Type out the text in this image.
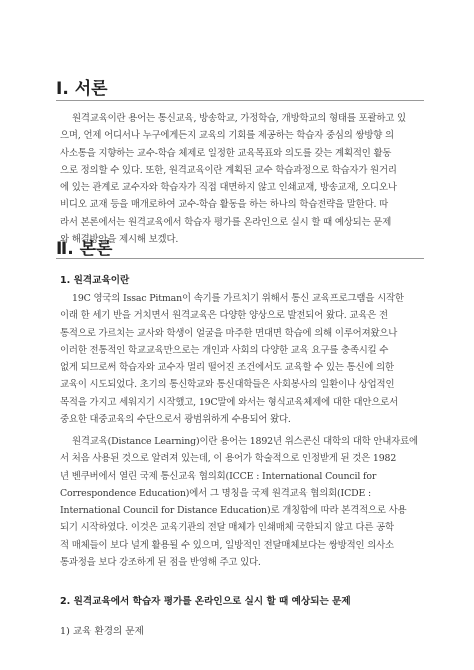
Ⅰ. 서론
원격교육이란 용어는 통신교육, 방송학교, 가정학습, 개방학교의 형태를 포괄하고 있
으며, 언제 어디서나 누구에게든지 교육의 기회를 제공하는 학습자 중심의 쌍방향 의
사소통을 지향하는 교수-학습 체제로 일정한 교육목표와 의도를 갖는 계획적인 활동
으로 정의할 수 있다. 또한, 원격교육이란 계획된 교수 학습과정으로 학습자가 원거리
에 있는 관계로 교수자와 학습자가 직접 대면하지 않고 인쇄교재, 방송교재, 오디오나
비디오 교재 등을 매개로하여 교수-학습 활동을 하는 하나의 학습전략을 말한다. 따
라서 본론에서는 원격교육에서 학습자 평가를 온라인으로 실시 할 때 예상되는 문제
와 해결방안을 제시해 보겠다.
Ⅱ. 본론
1. 원격교육이란
19C 영국의 Issac Pitman이 속기를 가르치기 위해서 통신 교육프로그램을 시작한
이래 한 세기 반을 거치면서 원격교육은 다양한 양상으로 발전되어 왔다. 교육은 전
통적으로 가르치는 교사와 학생이 얼굴을 마주한 면대면 학습에 의해 이루어져왔으나
이러한 전통적인 학교교육만으로는 개인과 사회의 다양한 교육 요구를 충족시킬 수
없게 되므로써 학습자와 교수자 멀리 떨어진 조건에서도 교육할 수 있는 통신에 의한
교육이 시도되었다. 초기의 통신학교와 통신대학들은 사회봉사의 일환이나 상업적인
목적을 가지고 세워지기 시작했고, 19C말에 와서는 형식교육체제에 대한 대안으로서
중요한 대중교육의 수단으로서 광범위하게 수용되어 왔다.
원격교육(Distance Learning)이란 용어는 1892년 위스콘신 대학의 대학 안내자료에
서 처음 사용된 것으로 알려져 있는데, 이 용어가 학술적으로 인정받게 된 것은 1982
년 벤쿠버에서 열린 국제 통신교육 협의회(ICCE : International Council for
Correspondence Education)에서 그 명칭을 국제 원격교육 협의회(ICDE :
International Council for Distance Education)로 개칭함에 따라 본격적으로 사용
되기 시작하였다. 이것은 교육기관의 전달 매체가 인쇄매체 국한되지 않고 다른 공학
적 매체들이 보다 널게 활용될 수 있으며, 일방적인 전달매체보다는 쌍방적인 의사소
통과정을 보다 강조하게 된 점을 반영해 주고 있다.
2. 원격교육에서 학습자 평가를 온라인으로 실시 할 때 예상되는 문제
1) 교육 환경의 문제
